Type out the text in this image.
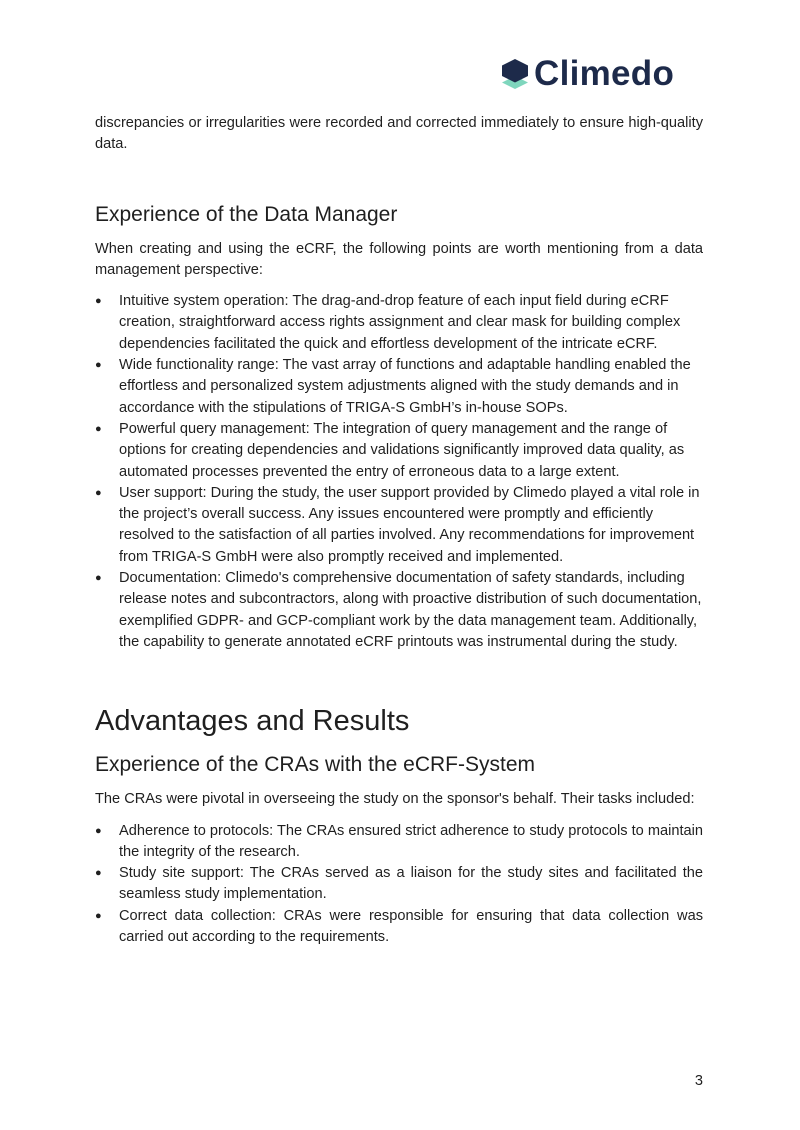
Climedo

discrepancies or irregularities were recorded and corrected immediately to ensure high-quality data.

Experience of the Data Manager

When creating and using the eCRF, the following points are worth mentioning from a data management perspective:

● Intuitive system operation: The drag-and-drop feature of each input field during eCRF creation, straightforward access rights assignment and clear mask for building complex dependencies facilitated the quick and effortless development of the intricate eCRF.
● Wide functionality range: The vast array of functions and adaptable handling enabled the effortless and personalized system adjustments aligned with the study demands and in accordance with the stipulations of TRIGA-S GmbH’s in-house SOPs.
● Powerful query management: The integration of query management and the range of options for creating dependencies and validations significantly improved data quality, as automated processes prevented the entry of erroneous data to a large extent.
● User support: During the study, the user support provided by Climedo played a vital role in the project’s overall success. Any issues encountered were promptly and efficiently resolved to the satisfaction of all parties involved. Any recommendations for improvement from TRIGA-S GmbH were also promptly received and implemented.
● Documentation: Climedo's comprehensive documentation of safety standards, including release notes and subcontractors, along with proactive distribution of such documentation, exemplified GDPR- and GCP-compliant work by the data management team. Additionally, the capability to generate annotated eCRF printouts was instrumental during the study.
Advantages and Results
Experience of the CRAs with the eCRF-System

The CRAs were pivotal in overseeing the study on the sponsor's behalf. Their tasks included:

● Adherence to protocols: The CRAs ensured strict adherence to study protocols to maintain the integrity of the research.
● Study site support: The CRAs served as a liaison for the study sites and facilitated the seamless study implementation.
● Correct data collection: CRAs were responsible for ensuring that data collection was carried out according to the requirements.
3
